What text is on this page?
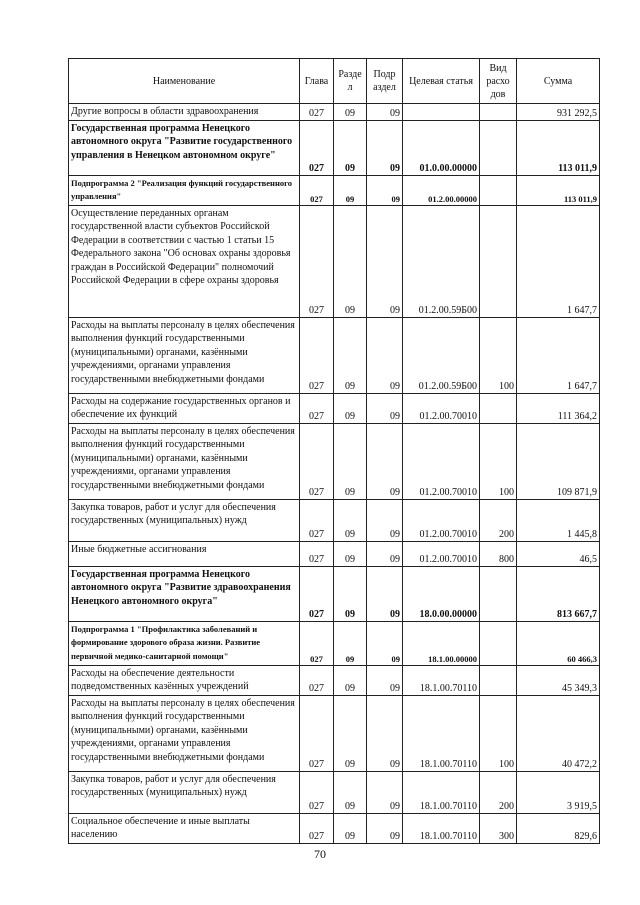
Наименование	Глава	Разде л	Подр аздел	Целевая статья	Вид расхо дов	Сумма
Другие вопросы в области здравоохранения	027	09	09			931 292,5
Государственная программа Ненецкого автономного округа "Развитие государственного управления в Ненецком автономном округе"	027	09	09	01.0.00.00000		113 011,9
Подпрограмма 2 "Реализация функций государственного управления"	027	09	09	01.2.00.00000		113 011,9
Осуществление переданных органам государственной власти субъектов Российской Федерации в соответствии с частью 1 статьи 15 Федерального закона "Об основах охраны здоровья граждан в Российской Федерации" полномочий Российской Федерации в сфере охраны здоровья	027	09	09	01.2.00.59Б00		1 647,7
Расходы на выплаты персоналу в целях обеспечения выполнения функций государственными (муниципальными) органами, казёнными учреждениями, органами управления государственными внебюджетными фондами	027	09	09	01.2.00.59Б00	100	1 647,7
Расходы на содержание государственных органов и обеспечение их функций	027	09	09	01.2.00.70010		111 364,2
Расходы на выплаты персоналу в целях обеспечения выполнения функций государственными (муниципальными) органами, казёнными учреждениями, органами управления государственными внебюджетными фондами	027	09	09	01.2.00.70010	100	109 871,9
Закупка товаров, работ и услуг для обеспечения государственных (муниципальных) нужд	027	09	09	01.2.00.70010	200	1 445,8
Иные бюджетные ассигнования	027	09	09	01.2.00.70010	800	46,5
Государственная программа Ненецкого автономного округа "Развитие здравоохранения Ненецкого автономного округа"	027	09	09	18.0.00.00000		813 667,7
Подпрограмма 1 "Профилактика заболеваний и формирование здорового образа жизни. Развитие первичной медико-санитарной помощи"	027	09	09	18.1.00.00000		60 466,3
Расходы на обеспечение деятельности подведомственных казённых учреждений	027	09	09	18.1.00.70110		45 349,3
Расходы на выплаты персоналу в целях обеспечения выполнения функций государственными (муниципальными) органами, казёнными учреждениями, органами управления государственными внебюджетными фондами	027	09	09	18.1.00.70110	100	40 472,2
Закупка товаров, работ и услуг для обеспечения государственных (муниципальных) нужд	027	09	09	18.1.00.70110	200	3 919,5
Социальное обеспечение и иные выплаты населению	027	09	09	18.1.00.70110	300	829,6
70
